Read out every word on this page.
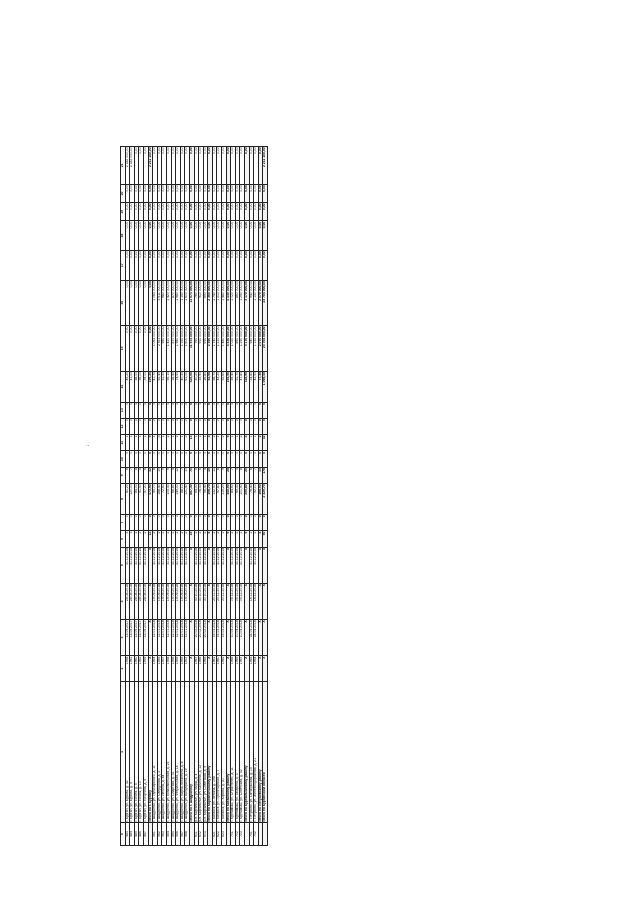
..
0	1	2	3	4	5	6	7	8	9	10	11	12	13	14	15	16	17	18	19	20	21
483	г. Курган, ул. Бурова, д. 32	1958	13.09.2017	28.08.2018	31.12.2018	3	0	81,20	6	0	1	0	0	45,20	0,00	0,00	0,00	0,00	0,00	0,00	2 182 000,00
484	г. Курган, ул. Бурова, д. 4	1961	13.09.2017	28.08.2018	31.12.2018	3	0	120,00	7	0	1	0	0	41,00	0,00	0,00	0,00	0,00	0,00	0,00	2 182 000,00
485	г. Курган, ул. Гоголя, д. 5	1960	13.09.2017	28.08.2018	31.12.2018	2	0	84,00	8	0	1	0	0	38,00	0,00	0,00	0,00	0,00	0,00	0,00	0,00
486	г. Курган, ул. Гоголя, д. 13	1962	13.09.2017	28.08.2018	31.12.2018	2	0	91,50	5	0	1	0	0	36,00	0,00	0,00	0,00	0,00	0,00	0,00	0,00
487	г. Курган, ул. Пичугина, д. 5	1959	13.09.2017	28.08.2018	31.12.2018	2	0	97,20	6	0	1	0	0	39,00	0,00	0,00	0,00	0,00	0,00	0,00	0,00
	Итого по г. Кургану	Х	Х	Х	Х	12	0	473,90	32	0	5	0	0	199,20	0,00	0,00	0,00	0,00	0,00	0,00	2 211 100,00
561	г. Шадринск, ул. Луначарского, д. 11	1954	12.01.2018	19.09.2018	31.12.2018	2	0	95,70	8	0	1	0	0	41,70	1 063 000,00	1 063 000,00	0,00	0,00	0,00	0,00	0,00
562	г. Шадринск, ул. Свердлова, д. 2	1955	12.01.2018	19.09.2018	31.12.2018	2	0	188,40	15	0	3	0	0	92,40	2 611 000,00	2 611 000,00	0,00	0,00	0,00	0,00	0,00
563	г. Шадринск, ул. Ленина, д. 44	1957	12.01.2018	19.09.2018	31.12.2018	2	0	72,60	5	0	1	0	0	31,20	980 000,00	980 000,00	0,00	0,00	0,00	0,00	0,00
564	г. Шадринск, ул. Комсомольская, д. 23	1958	12.01.2018	19.09.2018	31.12.2018	2	0	105,30	9	0	2	0	0	56,10	1 420 000,00	1 420 000,00	0,00	0,00	0,00	0,00	0,00
565	г. Шадринск, ул. Спартака, д. 31	1956	12.01.2018	19.09.2018	31.12.2018	2	0	66,80	4	0	1	0	0	28,40	870 000,00	870 000,00	0,00	0,00	0,00	0,00	0,00
566	г. Шадринск, ул. Февральская, д. 14	1959	12.01.2018	19.09.2018	31.12.2018	2	0	149,00	12	0	2	0	0	74,50	1 980 000,00	1 980 000,00	0,00	0,00	0,00	0,00	0,00
567	г. Шадринск, ул. Карла Либкнехта, д. 8	1955	12.01.2018	19.09.2018	31.12.2018	2	0	88,10	7	0	1	0	0	40,30	1 150 000,00	1 150 000,00	0,00	0,00	0,00	0,00	0,00
568	г. Шадринск, ул. Кондюрина, д. 19	1957	12.01.2018	19.09.2018	31.12.2018	2	0	121,40	10	0	2	0	0	61,00	1 600 000,00	1 600 000,00	0,00	0,00	0,00	0,00	0,00
	Итого по г. Шадринску	Х	Х	Х	Х	16	0	887,30	70	0	13	0	0	425,60	11 674 000,00	11 674 000,00	0,00	0,00	0,00	0,00	0,00
601	р.п. Каргаполье, ул. Мира, д. 4	1967	20.02.2018	30.10.2018	31.12.2018	2	0	64,00	5	0	1	0	0	30,20	760 000,00	760 000,00	0,00	0,00	0,00	0,00	0,00
602	р.п. Каргаполье, ул. Калинина, д. 12	1966	20.02.2018	30.10.2018	31.12.2018	2	0	78,30	6	0	1	0	0	35,90	910 000,00	910 000,00	0,00	0,00	0,00	0,00	0,00
603	р.п. Каргаполье, ул. Советская, д. 9	1965	20.02.2018	30.10.2018	31.12.2018	2	0	56,40	4	0	1	0	0	26,80	690 000,00	690 000,00	0,00	0,00	0,00	0,00	0,00
	Итого по Каргапольскому району	Х	Х	Х	Х	6	0	198,70	15	0	3	0	0	92,90	2 360 000,00	2 360 000,00	0,00	0,00	0,00	0,00	0,00
621	г. Катайск, ул. Ленина, д. 198	1961	15.03.2018	20.11.2018	31.12.2018	2	0	132,50	11	0	2	0	0	58,70	1 740 000,00	1 740 000,00	0,00	0,00	0,00	0,00	0,00
622	г. Катайск, ул. Пролетарская, д. 7	1960	15.03.2018	20.11.2018	31.12.2018	2	0	97,80	8	0	1	0	0	43,20	1 210 000,00	1 210 000,00	0,00	0,00	0,00	0,00	0,00
623	г. Катайск, ул. Кирова, д. 30	1962	15.03.2018	20.11.2018	31.12.2018	2	0	115,20	9	0	2	0	0	52,60	1 480 000,00	1 480 000,00	0,00	0,00	0,00	0,00	0,00
	Итого по Катайскому району	Х	Х	Х	Х	6	0	345,50	28	0	5	0	0	154,50	4 430 000,00	4 430 000,00	0,00	0,00	0,00	0,00	0,00
701	г. Куртамыш, ул. Строителей, д. 11	1968	10.04.2018	05.12.2018	31.12.2018	2	0	84,60	7	0	1	0	0	39,40	1 020 000,00	1 020 000,00	0,00	0,00	0,00	0,00	0,00
702	г. Куртамыш, ул. Гагарина, д. 3	1969	10.04.2018	05.12.2018	31.12.2018	2	0	69,30	5	0	1	0	0	31,70	860 000,00	860 000,00	0,00	0,00	0,00	0,00	0,00
703	г. Куртамыш, ул. Советская, д. 52	1967	10.04.2018	05.12.2018	31.12.2018	2	0	101,90	8	0	2	0	0	47,80	1 290 000,00	1 290 000,00	0,00	0,00	0,00	0,00	0,00
	Итого по Куртамышскому району	Х	Х	Х	Х	6	0	255,80	20	0	4	0	0	118,90	3 170 000,00	3 170 000,00	0,00	0,00	0,00	0,00	0,00
751	г. Петухово, ул. Октябрьская, д. 15	1963	18.04.2018	14.12.2018	31.12.2018	2	0	76,40	6	0	1	0	0	34,80	940 000,00	940 000,00	0,00	0,00	0,00	0,00	0,00
752	г. Петухово, ул. Железнодорожная, д. 21	1964	18.04.2018	14.12.2018	31.12.2018	2	0	92,10	7	0	1	0	0	42,50	1 130 000,00	1 130 000,00	0,00	0,00	0,00	0,00	0,00
	Итого по Петуховскому району	Х	Х	Х	Х	4	0	168,50	13	0	2	0	0	77,30	2 070 000,00	2 070 000,00	0,00	0,00	0,00	0,00	0,00
	Итого по Курганской области	Х	Х	Х	Х	50	0	2 329,70	178	0	32	0	0	1 068,40	23 704 000,00	23 704 000,00	0,00	0,00	0,00	0,00	2 211 100,00
